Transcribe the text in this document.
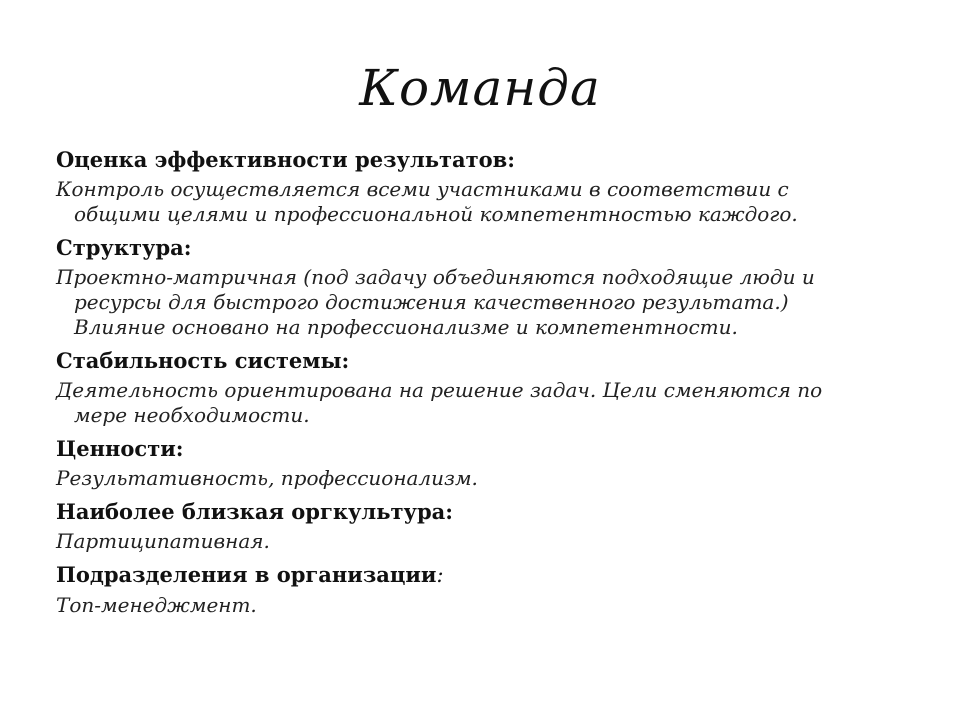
Команда
Оценка эффективности результатов:
Контроль осуществляется всеми участниками в соответствии с
общими целями и профессиональной компетентностью каждого.
Структура:
Проектно-матричная (под задачу объединяются подходящие люди и
ресурсы для быстрого достижения качественного результата.)
Влияние основано на профессионализме и компетентности.
Стабильность системы:
Деятельность ориентирована на решение задач. Цели сменяются по
мере необходимости.
Ценности:
Результативность, профессионализм.
Наиболее близкая оргкультура:
Партиципативная.
Подразделения в организации:
Топ-менеджмент.
